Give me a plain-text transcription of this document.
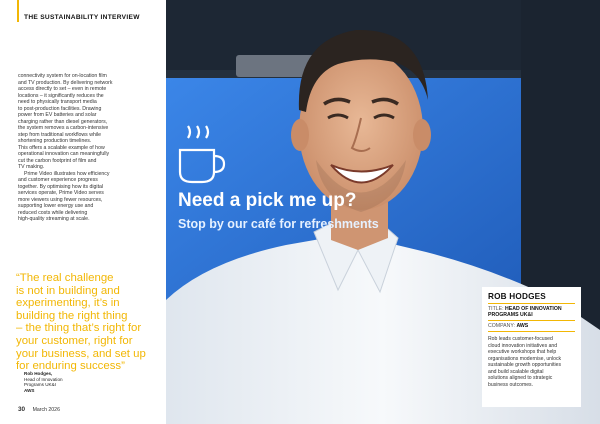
THE SUSTAINABILITY INTERVIEW

connectivity system for on-location film
and TV production. By delivering network
access directly to set – even in remote
locations – it significantly reduces the
need to physically transport media
to post-production facilities. Drawing
power from EV batteries and solar
charging rather than diesel generators,
the system removes a carbon-intensive
step from traditional workflows while
shortening production timelines.
This offers a scalable example of how
operational innovation can meaningfully
cut the carbon footprint of film and
TV making.

Prime Video illustrates how efficiency
and customer experience progress
together. By optimising how its digital
services operate, Prime Video serves
more viewers using fewer resources,
supporting lower energy use and
reduced costs while delivering
high-quality streaming at scale.

“The real challenge
is not in building and
experimenting, it’s in
building the right thing
– the thing that’s right for
your customer, right for
your business, and set up
for enduring success”
Rob Hodges,
Head of Innovation
Programs UK&I
AWS
30 March 2026
Need a pick me up?
Stop by our café for refreshments
ROB HODGES
TITLE: HEAD OF INNOVATION PROGRAMS UK&I
COMPANY: AWS
Rob leads customer-focused
cloud innovation initiatives and
executive workshops that help
organisations modernise, unlock
sustainable growth opportunities
and build scalable digital
solutions aligned to strategic
business outcomes.
